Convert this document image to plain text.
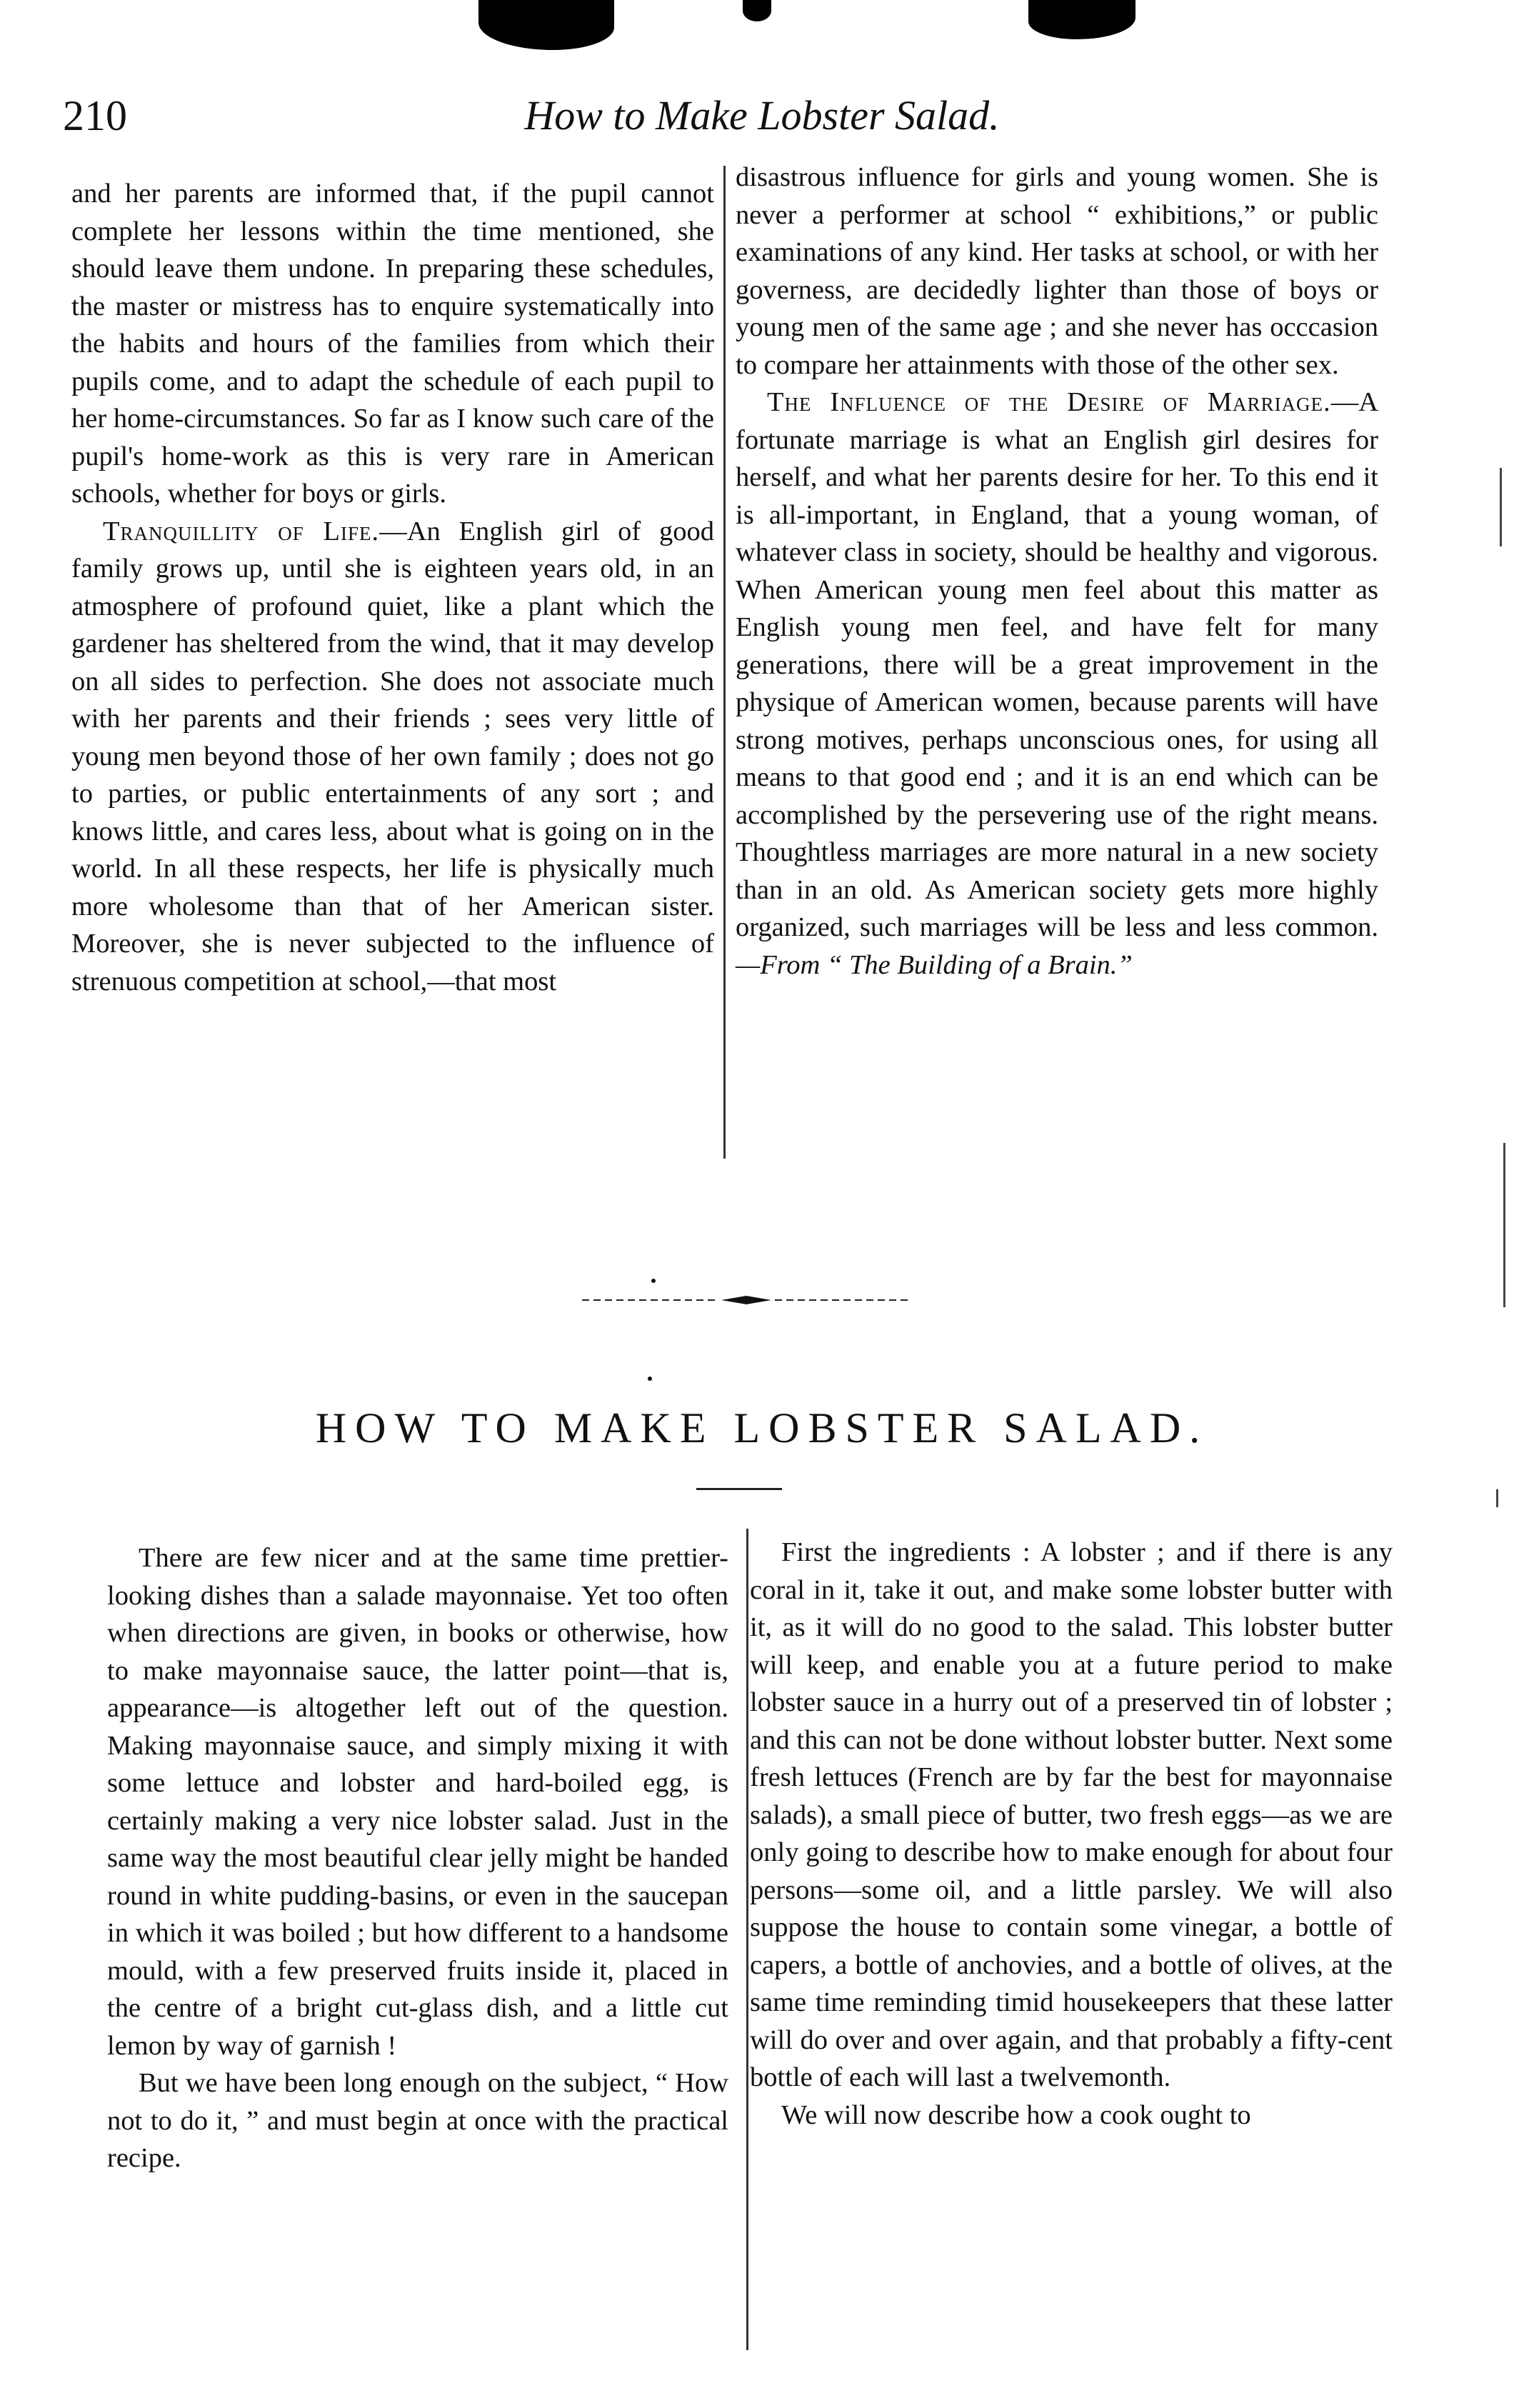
210	How to Make Lobster Salad.

and her parents are informed that, if the pupil cannot complete her lessons within the time mentioned, she should leave them undone. In preparing these schedules, the master or mistress has to enquire systematically into the habits and hours of the families from which their pupils come, and to adapt the schedule of each pupil to her home-circumstances. So far as I know such care of the pupil's home-work as this is very rare in American schools, whether for boys or girls.

Tranquillity of Life.—An English girl of good family grows up, until she is eighteen years old, in an atmosphere of profound quiet, like a plant which the gardener has sheltered from the wind, that it may develop on all sides to perfection. She does not associate much with her parents and their friends ; sees very little of young men beyond those of her own family ; does not go to parties, or public entertainments of any sort ; and knows little, and cares less, about what is going on in the world. In all these respects, her life is physically much more wholesome than that of her American sister. Moreover, she is never subjected to the influence of strenuous competition at school,—that most

disastrous influence for girls and young women. She is never a performer at school “ exhibitions,” or public examinations of any kind. Her tasks at school, or with her governess, are decidedly lighter than those of boys or young men of the same age ; and she never has occcasion to compare her attainments with those of the other sex.

The Influence of the Desire of Marriage.—A fortunate marriage is what an English girl desires for herself, and what her parents desire for her. To this end it is all-important, in England, that a young woman, of whatever class in society, should be healthy and vigorous. When American young men feel about this matter as English young men feel, and have felt for many generations, there will be a great improvement in the physique of American women, because parents will have strong motives, perhaps unconscious ones, for using all means to that good end ; and it is an end which can be accomplished by the persevering use of the right means. Thoughtless marriages are more natural in a new society than in an old. As American society gets more highly organized, such marriages will be less and less common.—From “ The Building of a Brain.”

HOW TO MAKE LOBSTER SALAD.

There are few nicer and at the same time prettier-looking dishes than a salade mayonnaise. Yet too often when directions are given, in books or otherwise, how to make mayonnaise sauce, the latter point—that is, appearance—is altogether left out of the question. Making mayonnaise sauce, and simply mixing it with some lettuce and lobster and hard-boiled egg, is certainly making a very nice lobster salad. Just in the same way the most beautiful clear jelly might be handed round in white pudding-basins, or even in the saucepan in which it was boiled ; but how different to a handsome mould, with a few preserved fruits inside it, placed in the centre of a bright cut-glass dish, and a little cut lemon by way of garnish !

But we have been long enough on the subject, “ How not to do it, ” and must begin at once with the practical recipe.

First the ingredients : A lobster ; and if there is any coral in it, take it out, and make some lobster butter with it, as it will do no good to the salad. This lobster butter will keep, and enable you at a future period to make lobster sauce in a hurry out of a preserved tin of lobster ; and this can not be done without lobster butter. Next some fresh lettuces (French are by far the best for mayonnaise salads), a small piece of butter, two fresh eggs—as we are only going to describe how to make enough for about four persons—some oil, and a little parsley. We will also suppose the house to contain some vinegar, a bottle of capers, a bottle of anchovies, and a bottle of olives, at the same time reminding timid housekeepers that these latter will do over and over again, and that probably a fifty-cent bottle of each will last a twelvemonth.

We will now describe how a cook ought to
